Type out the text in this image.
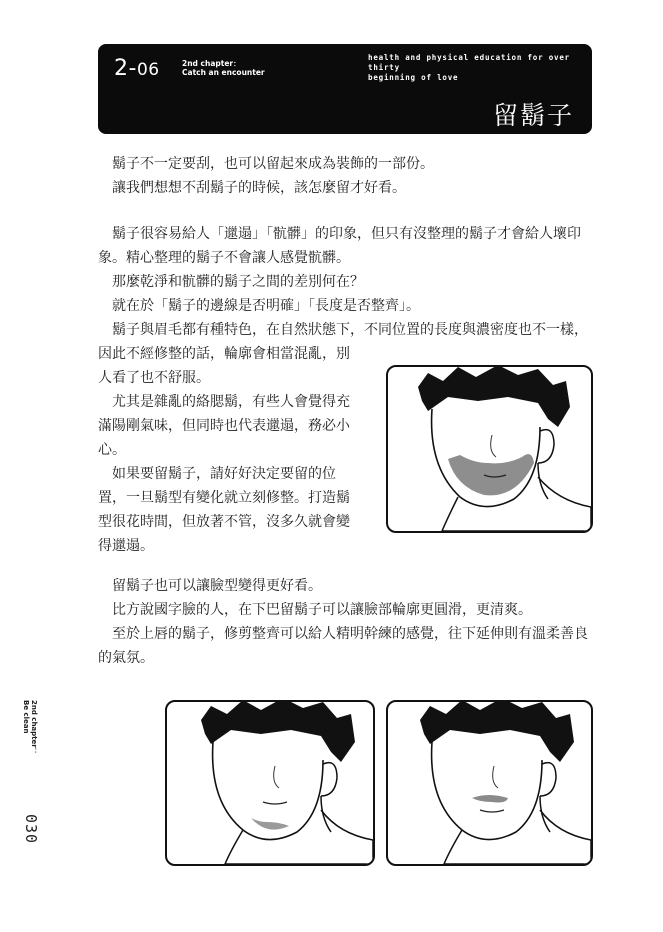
2-06	2nd chapter：
Catch an encounter
health and physical education for over thirty
beginning of love
留鬍子

鬍子不一定要刮，也可以留起來成為裝飾的一部份。

讓我們想想不刮鬍子的時候，該怎麼留才好看。

鬍子很容易給人「邋遢」「骯髒」的印象，但只有沒整理的鬍子才會給人壞印

象。精心整理的鬍子不會讓人感覺骯髒。

那麼乾淨和骯髒的鬍子之間的差別何在？

就在於「鬍子的邊線是否明確」「長度是否整齊」。

鬍子與眉毛都有種特色，在自然狀態下，不同位置的長度與濃密度也不一樣，

因此不經修整的話，輪廓會相當混亂，別

人看了也不舒服。

尤其是雜亂的絡腮鬍，有些人會覺得充

滿陽剛氣味，但同時也代表邋遢，務必小

心。

如果要留鬍子，請好好決定要留的位

置，一旦鬍型有變化就立刻修整。打造鬍

型很花時間，但放著不管，沒多久就會變

得邋遢。

留鬍子也可以讓臉型變得更好看。

比方說國字臉的人，在下巴留鬍子可以讓臉部輪廓更圓滑，更清爽。

至於上唇的鬍子，修剪整齊可以給人精明幹練的感覺，往下延伸則有溫柔善良

的氣氛。

2nd chapter：
Be clean
030
